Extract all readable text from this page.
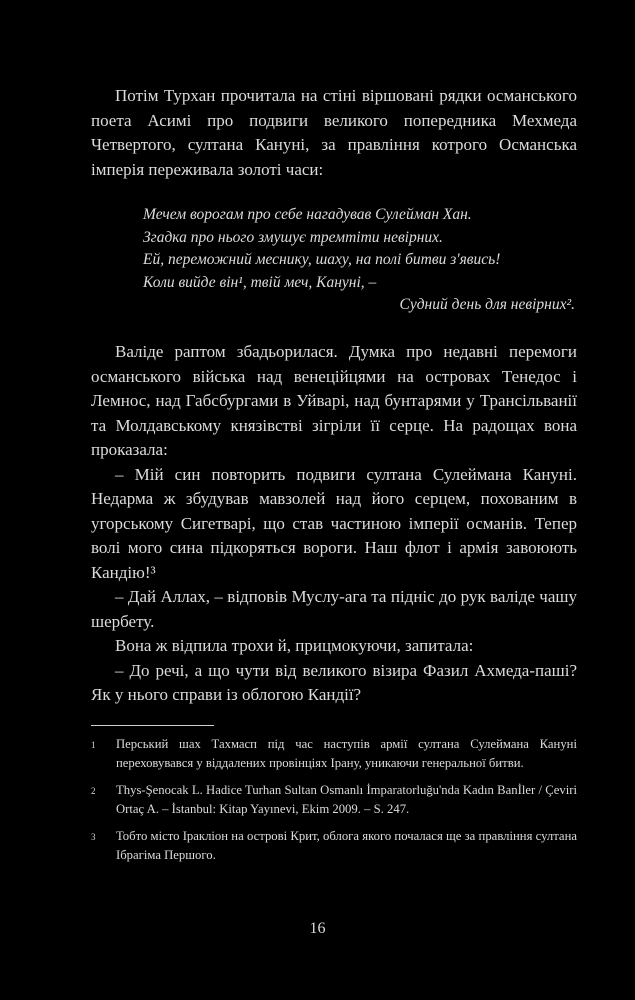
Потім Турхан прочитала на стіні віршовані рядки османського поета Асимі про подвиги великого попередника Мехмеда Четвертого, султана Кануні, за правління котрого Османська імперія переживала золоті часи:

Мечем ворогам про себе нагадував Сулейман Хан.
Згадка про нього змушує тремтіти невірних.
Ей, переможний меснику, шаху, на полі битви з'явись!
Коли вийде він¹, твій меч, Кануні, –
Судний день для невірних².

Валіде раптом збадьорилася. Думка про недавні перемоги османського війська над венеційцями на островах Тенедос і Лемнос, над Габсбургами в Уйварі, над бунтарями у Трансільванії та Молдавському князівстві зігріли її серце. На радощах вона проказала:

– Мій син повторить подвиги султана Сулеймана Кануні. Недарма ж збудував мавзолей над його серцем, похованим в угорському Сигетварі, що став частиною імперії османів. Тепер волі мого сина підкоряться вороги. Наш флот і армія завоюють Кандію!³

– Дай Аллах, – відповів Муслу-ага та підніс до рук валіде чашу шербету.

Вона ж відпила трохи й, прицмокуючи, запитала:

– До речі, а що чути від великого візира Фазил Ахмеда-паші? Як у нього справи із облогою Кандії?

1	Перський шах Тахмасп під час наступів армії султана Сулеймана Кануні переховувався у віддалених провінціях Ірану, уникаючи генеральної битви.
2	Thys-Şenocak L. Hadice Turhan Sultan Osmanlı İmparatorluğu'nda Kadın Banİler / Çeviri Ortaç A. – İstanbul: Kitap Yayınevi, Ekim 2009. – S. 247.
3	Тобто місто Іракліон на острові Крит, облога якого почалася ще за правління султана Ібрагіма Першого.
16
